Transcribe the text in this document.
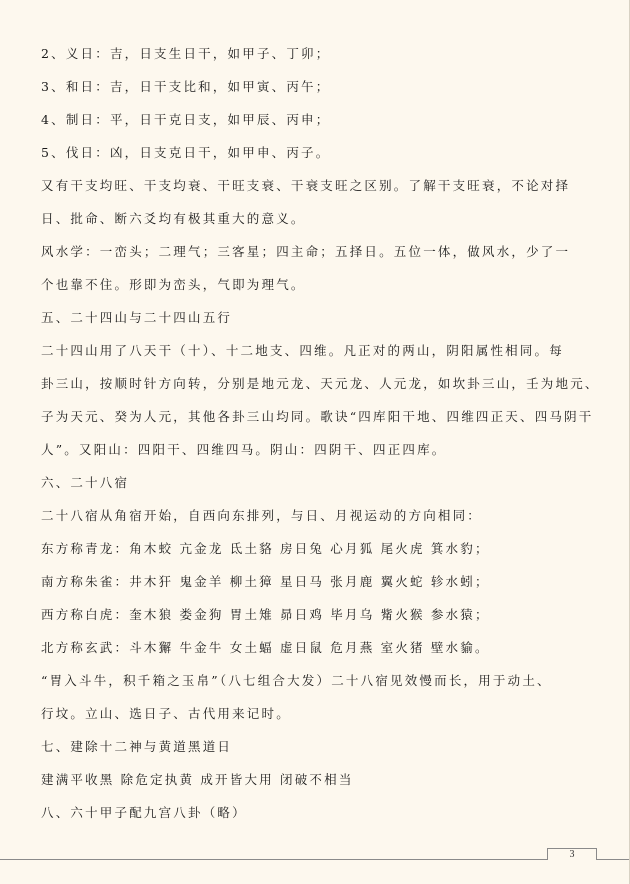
2、义日：吉，日支生日干，如甲子、丁卯；
3、和日：吉，日干支比和，如甲寅、丙午；
4、制日：平，日干克日支，如甲辰、丙申；
5、伐日：凶，日支克日干，如甲申、丙子。
又有干支均旺、干支均衰、干旺支衰、干衰支旺之区别。了解干支旺衰，不论对择
日、批命、断六爻均有极其重大的意义。
风水学：一峦头；二理气；三客星；四主命；五择日。五位一体，做风水，少了一
个也靠不住。形即为峦头，气即为理气。
五、二十四山与二十四山五行
二十四山用了八天干（十）、十二地支、四维。凡正对的两山，阴阳属性相同。每
卦三山，按顺时针方向转，分别是地元龙、天元龙、人元龙，如坎卦三山，壬为地元、
子为天元、癸为人元，其他各卦三山均同。歌诀“四库阳干地、四维四正天、四马阴干
人”。又阳山：四阳干、四维四马。阴山：四阴干、四正四库。
六、二十八宿
二十八宿从角宿开始，自西向东排列，与日、月视运动的方向相同：
东方称青龙：角木蛟 亢金龙 氐土貉 房日兔 心月狐 尾火虎 箕水豹；
南方称朱雀：井木犴 鬼金羊 柳土獐 星日马 张月鹿 翼火蛇 轸水蚓；
西方称白虎：奎木狼 娄金狗 胃土雉 昴日鸡 毕月乌 觜火猴 参水猿；
北方称玄武：斗木獬 牛金牛 女土蝠 虚日鼠 危月燕 室火猪 壁水貐。
“胃入斗牛，积千箱之玉帛”（八七组合大发）二十八宿见效慢而长，用于动土、
行坟。立山、选日子、古代用来记时。
七、建除十二神与黄道黑道日
建满平收黑 除危定执黄 成开皆大用 闭破不相当
八、六十甲子配九宫八卦（略）
3
